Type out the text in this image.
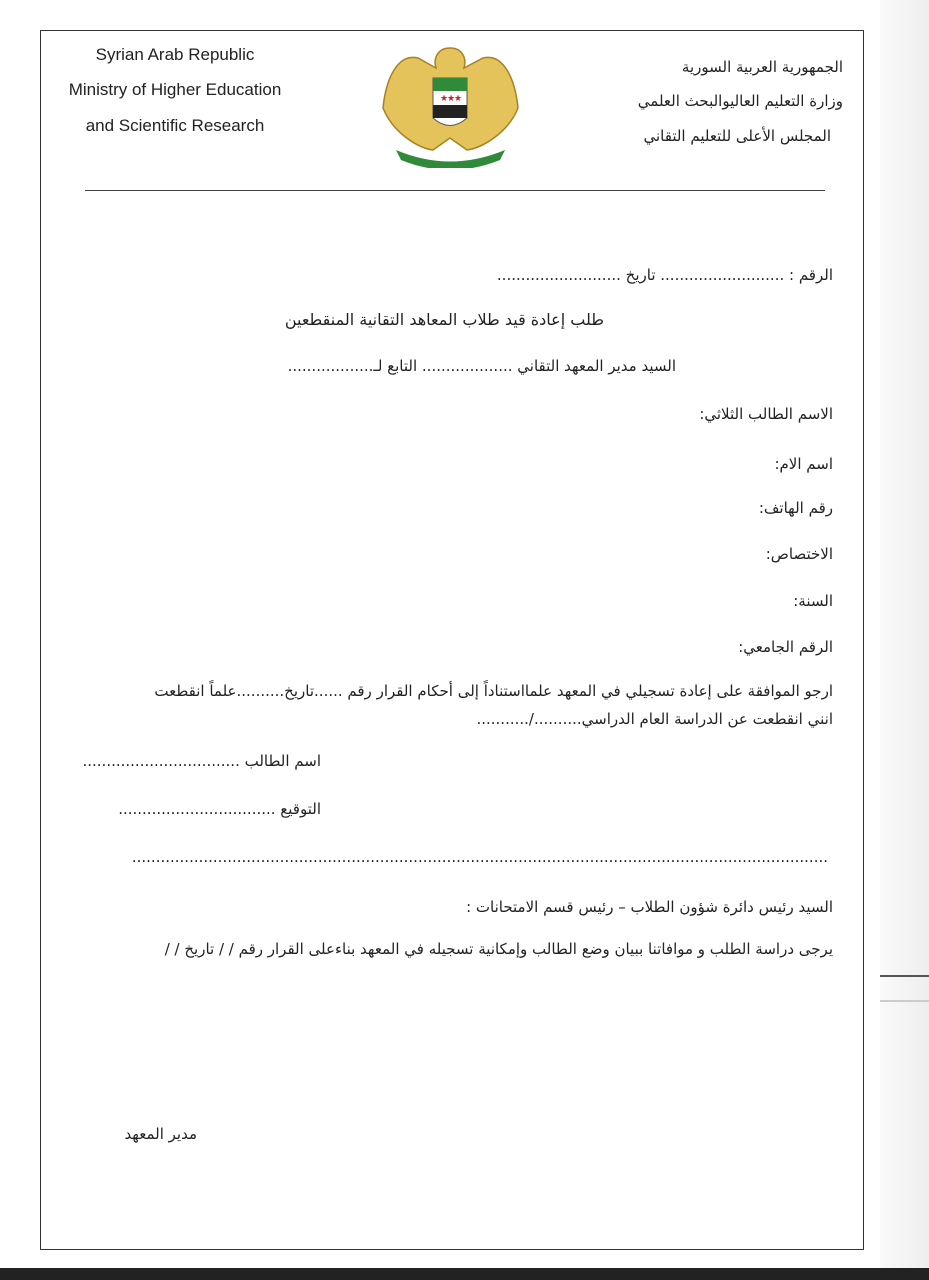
Syrian Arab Republic
Ministry of Higher Education
and Scientific Research
★
★
★
الجمهورية العربية السورية
وزارة التعليم العاليوالبحث العلمي
المجلس الأعلى للتعليم التقاني
الرقم : .......................... تاريخ ..........................
طلب إعادة قيد طلاب المعاهد التقانية المنقطعين
السيد مدير المعهد التقاني ................... التابع لـ..................
الاسم الطالب الثلاثي:
اسم الام:
رقم الهاتف:
الاختصاص:
السنة:
الرقم الجامعي:
ارجو الموافقة على إعادة تسجيلي في المعهد علمااستناداً إلى أحكام القرار رقم ......تاريخ..........علماً انقطعت
انني انقطعت عن الدراسة العام الدراسي........../...........
اسم الطالب .................................
التوقيع .................................
..................................................................................................................................................
السيد رئيس دائرة شؤون الطلاب – رئيس قسم الامتحانات :
يرجى دراسة الطلب و موافاتنا ببيان وضع الطالب وإمكانية تسجيله في المعهد بناءعلى القرار رقم / / تاريخ / /
مدير المعهد
